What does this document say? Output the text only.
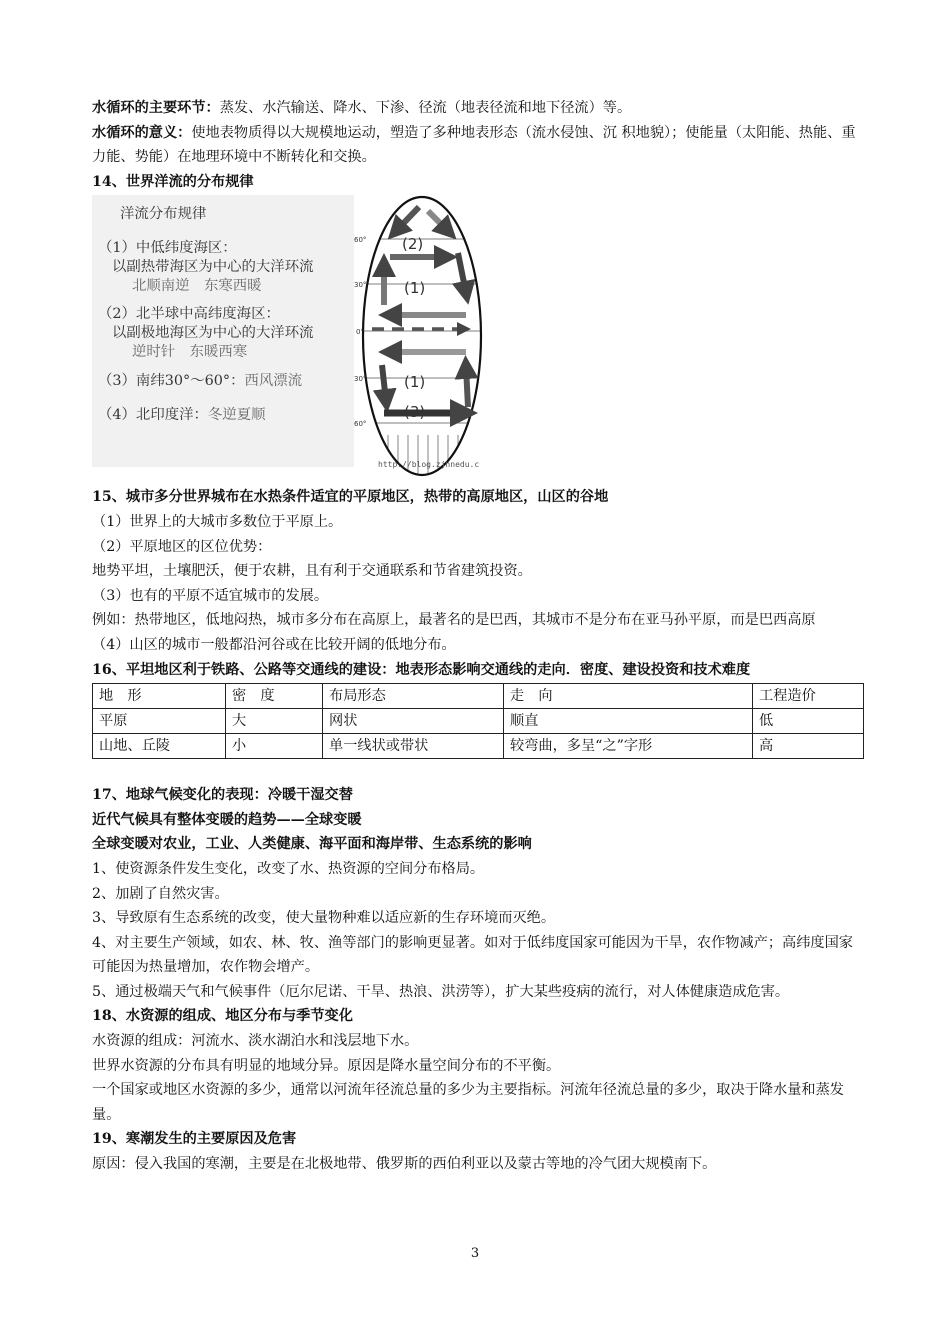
水循环的主要环节：蒸发、水汽输送、降水、下渗、径流（地表径流和地下径流）等。

水循环的意义：使地表物质得以大规模地运动，塑造了多种地表形态（流水侵蚀、沉 积地貌）；使能量（太阳能、热能、重力能、势能）在地理环境中不断转化和交换。

14、世界洋流的分布规律

洋流分布规律
（1）中低纬度海区：
以副热带海区为中心的大洋环流
北顺南逆　东寒西暖
（2）北半球中高纬度海区：
以副极地海区为中心的大洋环流
逆时针　东暖西寒
（3）南纬30°～60°：西风漂流
（4）北印度洋：冬逆夏顺
60°
30°
0°
30°
60°
(2)
(1)
(1)
(3)
http://blog.zjhnedu.c

15、城市多分世界城布在水热条件适宜的平原地区，热带的高原地区，山区的谷地

（1）世界上的大城市多数位于平原上。

（2）平原地区的区位优势：

地势平坦，土壤肥沃，便于农耕，且有利于交通联系和节省建筑投资。

（3）也有的平原不适宜城市的发展。

例如：热带地区，低地闷热，城市多分布在高原上，最著名的是巴西，其城市不是分布在亚马孙平原，而是巴西高原

（4）山区的城市一般都沿河谷或在比较开阔的低地分布。

16、平坦地区利于铁路、公路等交通线的建设：地表形态影响交通线的走向．密度、建设投资和技术难度

地　形	密　度	布局形态	走　向	工程造价
平原	大	网状	顺直	低
山地、丘陵	小	单一线状或带状	较弯曲，多呈“之”字形	高

17、地球气候变化的表现：冷暖干湿交替

近代气候具有整体变暖的趋势——全球变暖

全球变暖对农业，工业、人类健康、海平面和海岸带、生态系统的影响

1、使资源条件发生变化，改变了水、热资源的空间分布格局。

2、加剧了自然灾害。

3、导致原有生态系统的改变，使大量物种难以适应新的生存环境而灭绝。

4、对主要生产领域，如农、林、牧、渔等部门的影响更显著。如对于低纬度国家可能因为干旱，农作物减产；高纬度国家可能因为热量增加，农作物会增产。

5、通过极端天气和气候事件（厄尔尼诺、干旱、热浪、洪涝等），扩大某些疫病的流行，对人体健康造成危害。

18、水资源的组成、地区分布与季节变化

水资源的组成：河流水、淡水湖泊水和浅层地下水。

世界水资源的分布具有明显的地域分异。原因是降水量空间分布的不平衡。

一个国家或地区水资源的多少，通常以河流年径流总量的多少为主要指标。河流年径流总量的多少，取决于降水量和蒸发量。

19、寒潮发生的主要原因及危害

原因：侵入我国的寒潮，主要是在北极地带、俄罗斯的西伯利亚以及蒙古等地的冷气团大规模南下。

3
